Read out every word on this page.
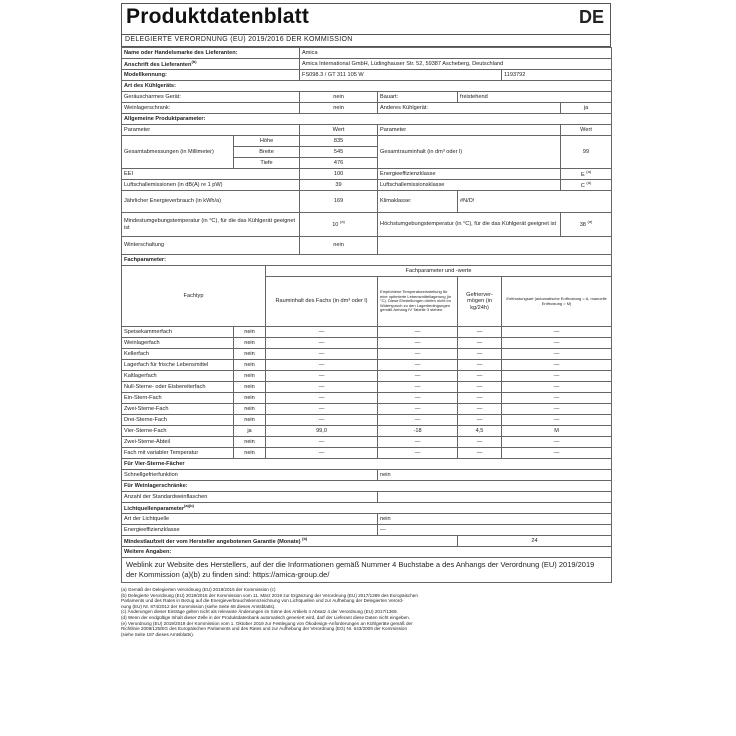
Produktdatenblatt	DE
DELEGIERTE VERORDNUNG (EU) 2019/2016 DER KOMMISSION
Name oder Handelsmarke des Lieferanten:			Amica				
Anschrift des Lieferanten$^{(b)}$			Amica International GmbH, Lüdinghauser Str. 52, 59387 Ascheberg, Deutschland				
Modellkennung:			FS098.3 / GT 311 105 W			1193792	
Art des Kühlgeräts:							
Geräuscharmes Gerät:			nein	Bauart:	freistehend		
Weinlagerschrank:			nein	Anderes Kühlgerät:			ja
Allgemeine Produktparameter:							
Parameter			Wert	Parameter			Wert
Gesamtabmessungen (in Millimeter)	Höhe		835	Gesamtrauminhalt (in dm³ oder l)			99
	Breite		545				
	Tiefe		476				
EEI			100	Energieeffizienzklasse			E $^{(a)}$
Luftschallemissionen (in dB(A) re 1 pW)			39	Luftschallemissionsklasse			C $^{(a)}$
Jährlicher Energieverbrauch (in kWh/a)			169	Klimaklasse:	#N/D!		
Mindestumgebungstemperatur (in °C), für die das Kühlgerät geeignet ist			10 $^{(a)}$	Höchstumgebungstemperatur (in °C), für die das Kühlgerät geeignet ist			38 $^{(a)}$
Winterschaltung			nein				
Fachparameter:							
Fachtyp		Fachparameter und -werte					
		Rauminhalt des Fachs (in dm³ oder l)		Empfohlene Temperatureinstellung für eine optimierte Lebensmittellagerung (in °C). Diese Einstellungen dürfen nicht im Widerspruch zu den Lagerbedingungen gemäß Anhang IV Tabelle 3 stehen.	Gefriervermögen (in kg/24h)	Entfrostungsart (automatische Entfrostung = A, manuelle Entfrostung = M)	
Speisekammerfach	nein	—		—	—	—	
Weinlagerfach	nein	—		—	—	—	
Kellerfach	nein	—		—	—	—	
Lagerfach für frische Lebensmittel	nein	—		—	—	—	
Kaltlagerfach	nein	—		—	—	—	
Null-Sterne- oder Eisbereiterfach	nein	—		—	—	—	
Ein-Stern-Fach	nein	—		—	—	—	
Zwei-Sterne-Fach	nein	—		—	—	—	
Drei-Sterne-Fach	nein	—		—	—	—	
Vier-Sterne-Fach	ja	99,0		-18	4,5	M	
Zwei-Sterne-Abteil	nein	—		—	—	—	
Fach mit variabler Temperatur	nein	—		—	—	—	
Für Vier-Sterne-Fächer							
Schnellgefrierfunktion				nein			
Für Weinlagerschränke:							
Anzahl der Standardweinflaschen							
Lichtquellenparameter$^{(a)(b)}$
Art der Lichtquelle				nein			
Energieeffizienzklasse				—			
Mindestlaufzeit der vom Hersteller angebotenen Garantie (Monate) $^{(b)}$					24		
Weitere Angaben:							
Weblink zur Website des Herstellers, auf der die Informationen gemäß Nummer 4 Buchstabe a des Anhangs der Verordnung (EU) 2019/2019 der Kommission (a)(b) zu finden sind: https://amica-group.de/							
(a) Gemäß der Delegierten Verordnung (EU) 2019/2015 der Kommission (c)
(b) Delegierte Verordnung (EU) 2019/2015 der Kommission vom 11. März 2019 zur Ergänzung der Verordnung (EU) 2017/1369 des Europäischen
Parlaments und des Rates in Bezug auf die Energieverbrauchskennzeichnung von Lichtquellen und zur Aufhebung der Delegierten Verord-
nung (EU) Nr. 874/2012 der Kommission (siehe Seite 68 dieses Amtsblatts).
(c) Änderungen dieser Einträge gelten nicht als relevante Änderungen im Sinne des Artikels 4 Absatz 4 der Verordnung (EU) 2017/1369.
(d) Wenn der endgültige Inhalt dieser Zelle in der Produktdatenbank automatisch generiert wird, darf der Lieferant diese Daten nicht eingeben.
(e) Verordnung (EU) 2019/2019 der Kommission vom 1. Oktober 2019 zur Festlegung von Ökodesign-Anforderungen an Kühlgeräte gemäß der
Richtlinie 2009/125/EG des Europäischen Parlaments und des Rates und zur Aufhebung der Verordnung (EG) Nr. 643/2009 der Kommission
(siehe Seite 187 dieses Amtsblatts).
